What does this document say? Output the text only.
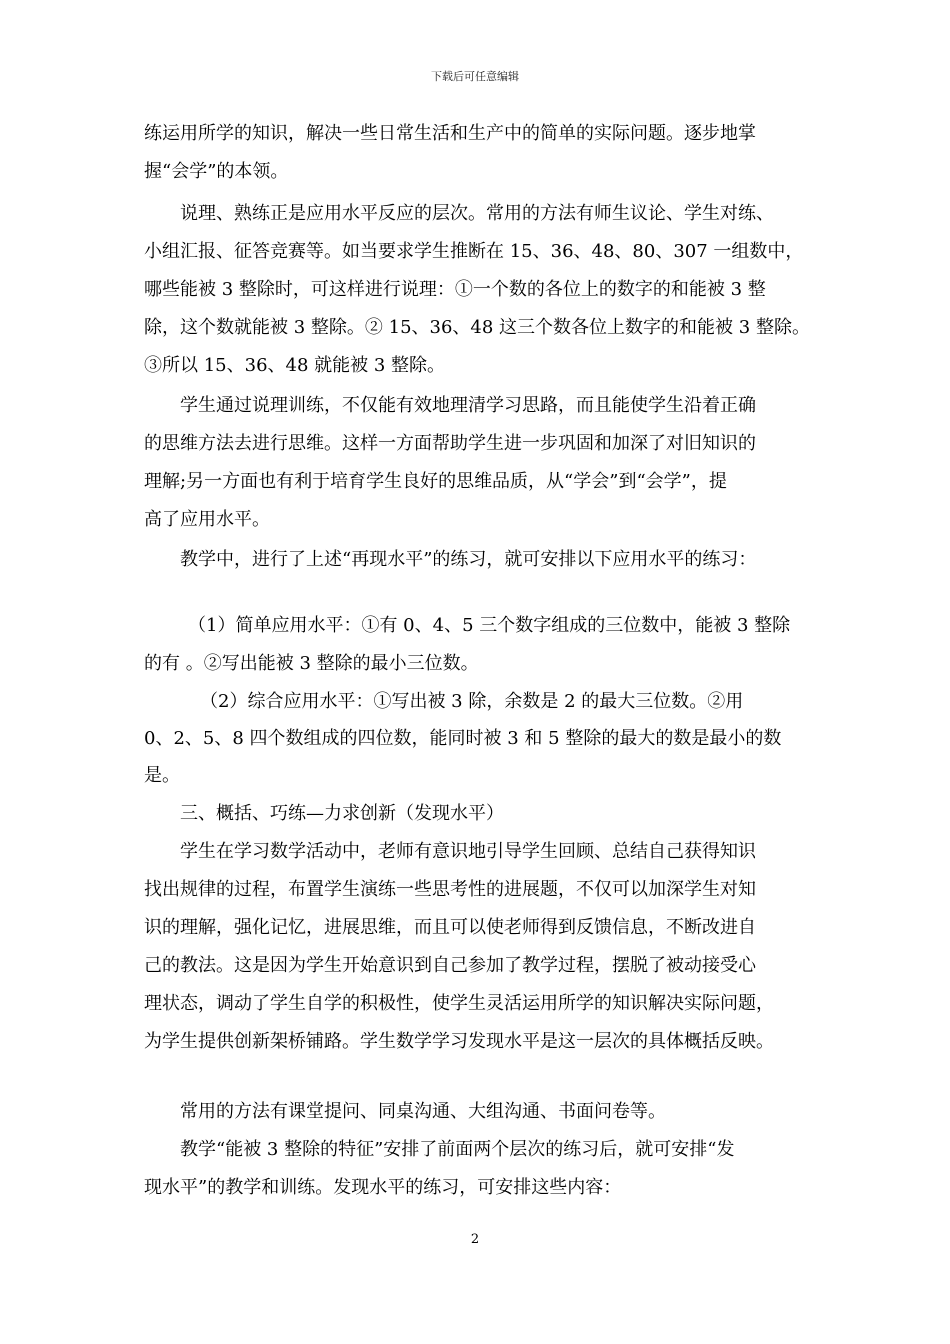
下载后可任意编辑
练运用所学的知识，解决一些日常生活和生产中的简单的实际问题。逐步地掌
握“会学”的本领。
说理、熟练正是应用水平反应的层次。常用的方法有师生议论、学生对练、
小组汇报、征答竞赛等。如当要求学生推断在 15、36、48、80、307 一组数中，
哪些能被 3 整除时，可这样进行说理：①一个数的各位上的数字的和能被 3 整
除，这个数就能被 3 整除。② 15、36、48 这三个数各位上数字的和能被 3 整除。
③所以 15、36、48 就能被 3 整除。
学生通过说理训练，不仅能有效地理清学习思路，而且能使学生沿着正确
的思维方法去进行思维。这样一方面帮助学生进一步巩固和加深了对旧知识的
理解;另一方面也有利于培育学生良好的思维品质，从“学会”到“会学”，提
高了应用水平。
教学中，进行了上述“再现水平”的练习，就可安排以下应用水平的练习：
（1）简单应用水平：①有 0、4、5 三个数字组成的三位数中，能被 3 整除
的有 。②写出能被 3 整除的最小三位数。
（2）综合应用水平：①写出被 3 除，余数是 2 的最大三位数。②用
0、2、5、8 四个数组成的四位数，能同时被 3 和 5 整除的最大的数是最小的数
是。
三、概括、巧练—力求创新（发现水平）
学生在学习数学活动中，老师有意识地引导学生回顾、总结自己获得知识
找出规律的过程，布置学生演练一些思考性的进展题，不仅可以加深学生对知
识的理解，强化记忆，进展思维，而且可以使老师得到反馈信息，不断改进自
己的教法。这是因为学生开始意识到自己参加了教学过程，摆脱了被动接受心
理状态，调动了学生自学的积极性，使学生灵活运用所学的知识解决实际问题，
为学生提供创新架桥铺路。学生数学学习发现水平是这一层次的具体概括反映。
常用的方法有课堂提问、同桌沟通、大组沟通、书面问卷等。
教学“能被 3 整除的特征”安排了前面两个层次的练习后，就可安排“发
现水平”的教学和训练。发现水平的练习，可安排这些内容：
2
